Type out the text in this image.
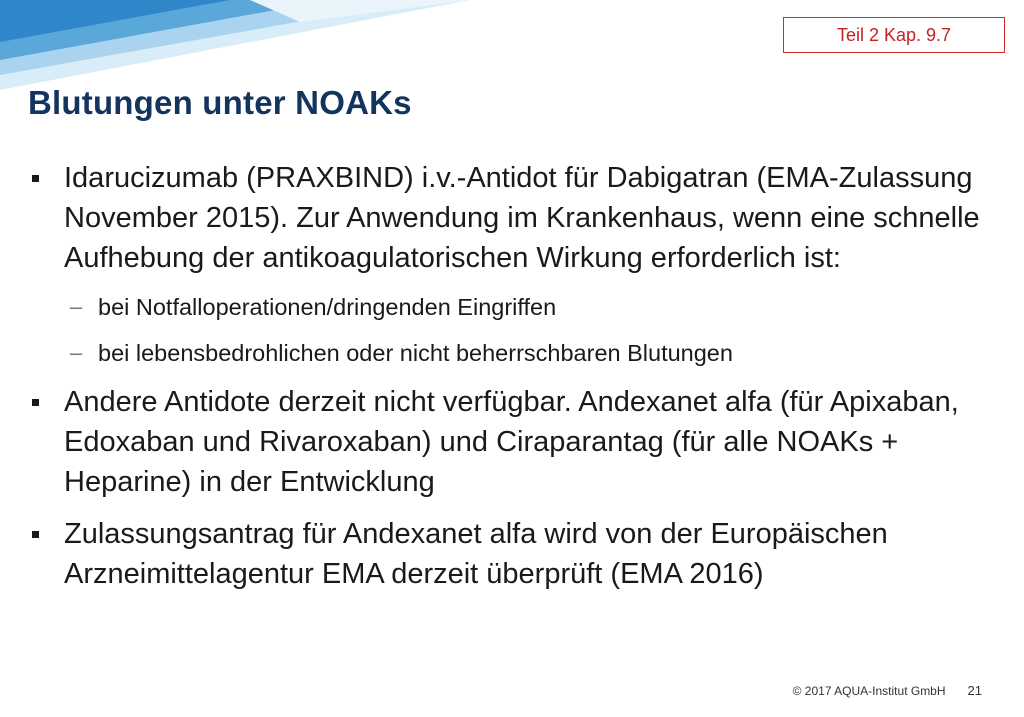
Teil 2 Kap. 9.7
Blutungen unter NOAKs
Idarucizumab (PRAXBIND) i.v.-Antidot für Dabigatran (EMA-Zulassung November 2015). Zur Anwendung im Krankenhaus, wenn eine schnelle Aufhebung der antikoagulatorischen Wirkung erforderlich ist:
– bei Notfalloperationen/dringenden Eingriffen
– bei lebensbedrohlichen oder nicht beherrschbaren Blutungen
Andere Antidote derzeit nicht verfügbar. Andexanet alfa (für Apixaban, Edoxaban und Rivaroxaban) und Ciraparantag (für alle NOAKs + Heparine) in der Entwicklung
Zulassungsantrag für Andexanet alfa wird von der Europäischen Arzneimittelagentur EMA derzeit überprüft (EMA 2016)
© 2017 AQUA-Institut GmbH 21
